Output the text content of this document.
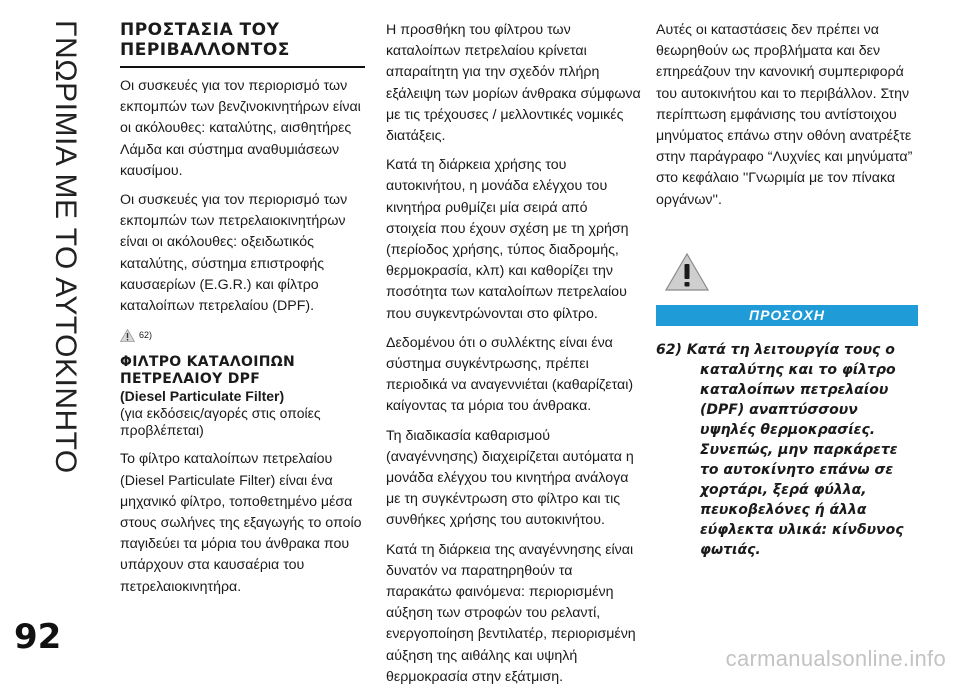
ΓΝΩΡΙΜΙΑ ΜΕ ΤΟ ΑΥΤΟΚΙΝΗΤΟ ΠΡΟΣΤΑΣΙΑ ΤΟΥ ΠΕΡΙΒΑΛΛΟΝΤΟΣ

Οι συσκευές για τον περιορισμό των εκπομπών των βενζινοκινητήρων είναι οι ακόλουθες: καταλύτης, αισθητήρες Λάμδα και σύστημα αναθυμιάσεων καυσίμου.

Οι συσκευές για τον περιορισμό των εκπομπών των πετρελαιοκινητήρων είναι οι ακόλουθες: οξειδωτικός καταλύτης, σύστημα επιστροφής καυσαερίων (E.G.R.) και φίλτρο καταλοίπων πετρελαίου (DPF).

62)
ΦΙΛΤΡΟ ΚΑΤΑΛΟΙΠΩΝ ΠΕΤΡΕΛΑΙΟΥ DPF
(Diesel Particulate Filter)
(για εκδόσεις/αγορές στις οποίες προβλέπεται)

Το φίλτρο καταλοίπων πετρελαίου (Diesel Particulate Filter) είναι ένα μηχανικό φίλτρο, τοποθετημένο μέσα στους σωλήνες της εξαγωγής το οποίο παγιδεύει τα μόρια του άνθρακα που υπάρχουν στα καυσαέρια του πετρελαιοκινητήρα.

Η προσθήκη του φίλτρου των καταλοίπων πετρελαίου κρίνεται απαραίτητη για την σχεδόν πλήρη εξάλειψη των μορίων άνθρακα σύμφωνα με τις τρέχουσες / μελλοντικές νομικές διατάξεις.

Κατά τη διάρκεια χρήσης του αυτοκινήτου, η μονάδα ελέγχου του κινητήρα ρυθμίζει μία σειρά από στοιχεία που έχουν σχέση με τη χρήση (περίοδος χρήσης, τύπος διαδρομής, θερμοκρασία, κλπ) και καθορίζει την ποσότητα των καταλοίπων πετρελαίου που συγκεντρώνονται στο φίλτρο.

Δεδομένου ότι ο συλλέκτης είναι ένα σύστημα συγκέντρωσης, πρέπει περιοδικά να αναγεννιέται (καθαρίζεται) καίγοντας τα μόρια του άνθρακα.

Τη διαδικασία καθαρισμού (αναγέννησης) διαχειρίζεται αυτόματα η μονάδα ελέγχου του κινητήρα ανάλογα με τη συγκέντρωση στο φίλτρο και τις συνθήκες χρήσης του αυτοκινήτου.

Κατά τη διάρκεια της αναγέννησης είναι δυνατόν να παρατηρηθούν τα παρακάτω φαινόμενα: περιορισμένη αύξηση των στροφών του ρελαντί, ενεργοποίηση βεντιλατέρ, περιορισμένη αύξηση της αιθάλης και υψηλή θερμοκρασία στην εξάτμιση.

Αυτές οι καταστάσεις δεν πρέπει να θεωρηθούν ως προβλήματα και δεν επηρεάζουν την κανονική συμπεριφορά του αυτοκινήτου και το περιβάλλον. Στην περίπτωση εμφάνισης του αντίστοιχου μηνύματος επάνω στην οθόνη ανατρέξτε στην παράγραφο “Λυχνίες και μηνύματα” στο κεφάλαιο ''Γνωριμία με τον πίνακα οργάνων''.

ΠΡΟΣΟΧΗ
62) Κατά τη λειτουργία τους ο καταλύτης και το φίλτρο καταλοίπων πετρελαίου (DPF) αναπτύσσουν υψηλές θερμοκρασίες. Συνεπώς, μην παρκάρετε το αυτοκίνητο επάνω σε χορτάρι, ξερά φύλλα, πευκοβελόνες ή άλλα εύφλεκτα υλικά: κίνδυνος φωτιάς.
92
carmanualsonline.info
